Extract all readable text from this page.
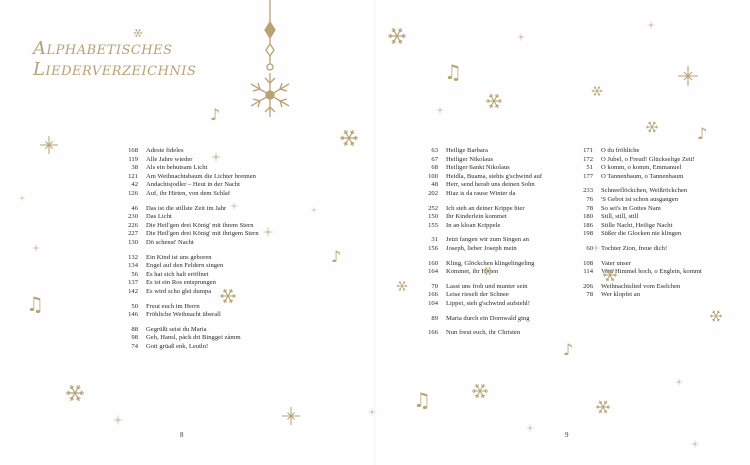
Alphabetisches
Liederverzeichnis
168 Adeste fideles
119 Alle Jahre wieder
38 Als ein behutsam Licht
121 Am Weihnachtsbaum die Lichter brennen
42 Andachtsjodler – Heut in der Nacht
126 Auf, ihr Hirten, von dem Schlaf
46 Das ist die stillste Zeit im Jahr
230 Das Licht
226 Die Heil'gen drei König' mit ihrem Stern
227 Die Heil'gen drei König' mit ihrigem Stern
130 Dö schenst' Nacht
132 Ein Kind ist uns geboren
134 Engel auf den Feldern singen
56 Es hat sich halt eröffnet
137 Es ist ein Ros entsprungen
142 Es wird scho glei dumpa
50 Freut euch im Herrn
146 Fröhliche Weihnacht überall
88 Gegrüßt seist du Maria
98 Geh, Hansl, pàck dri Binggei zàmm
74 Gott grüaß enk, Leutln!
63 Heilige Barbara
67 Heiliger Nikolaus
68 Heiliger Sankt Nikolaus
100 Heidla, Buama, stehts g'schwind auf
48 Herr, send herab uns deinen Sohn
202 Hiaz is da rause Winter da
252 Ich steh an deiner Krippe hier
150 Ihr Kinderlein kommet
155 In an kloan Krippele
31 Jetzt fangen wir zum Singen an
156 Joseph, lieber Joseph mein
160 Kling, Glöckchen klingelingeling
164 Kommet, ihr Hirten
70 Lasst uns froh und munter sein
166 Leise rieselt der Schnee
104 Lippei, steh g'schwind aufstehl!
89 Maria durch ein Dornwald ging
166 Nun freut euch, ihr Christen
171 O du fröhliche
172 O Jubel, o Freud! Glückselige Zeit!
51 O komm, o komm, Emmanuel
177 O Tannenbaum, o Tannenbaum
233 Schneeflöckchen, Weißröckchen
76 'S Gebot ist schon ausgangen
78 So sei's in Gottes Nam
180 Still, still, still
186 Stille Nacht, Heilige Nacht
198 Süßer die Glocken nie klingen
60 Tochter Zion, freue dich!
108 Vater unser
114 Vom Himmel hoch, o Englein, kommt
206 Weihnachtslied vom Eselchen
78 Wer klopfet an
8	9
♪
♫
♪
♫
♫
♪
♪
